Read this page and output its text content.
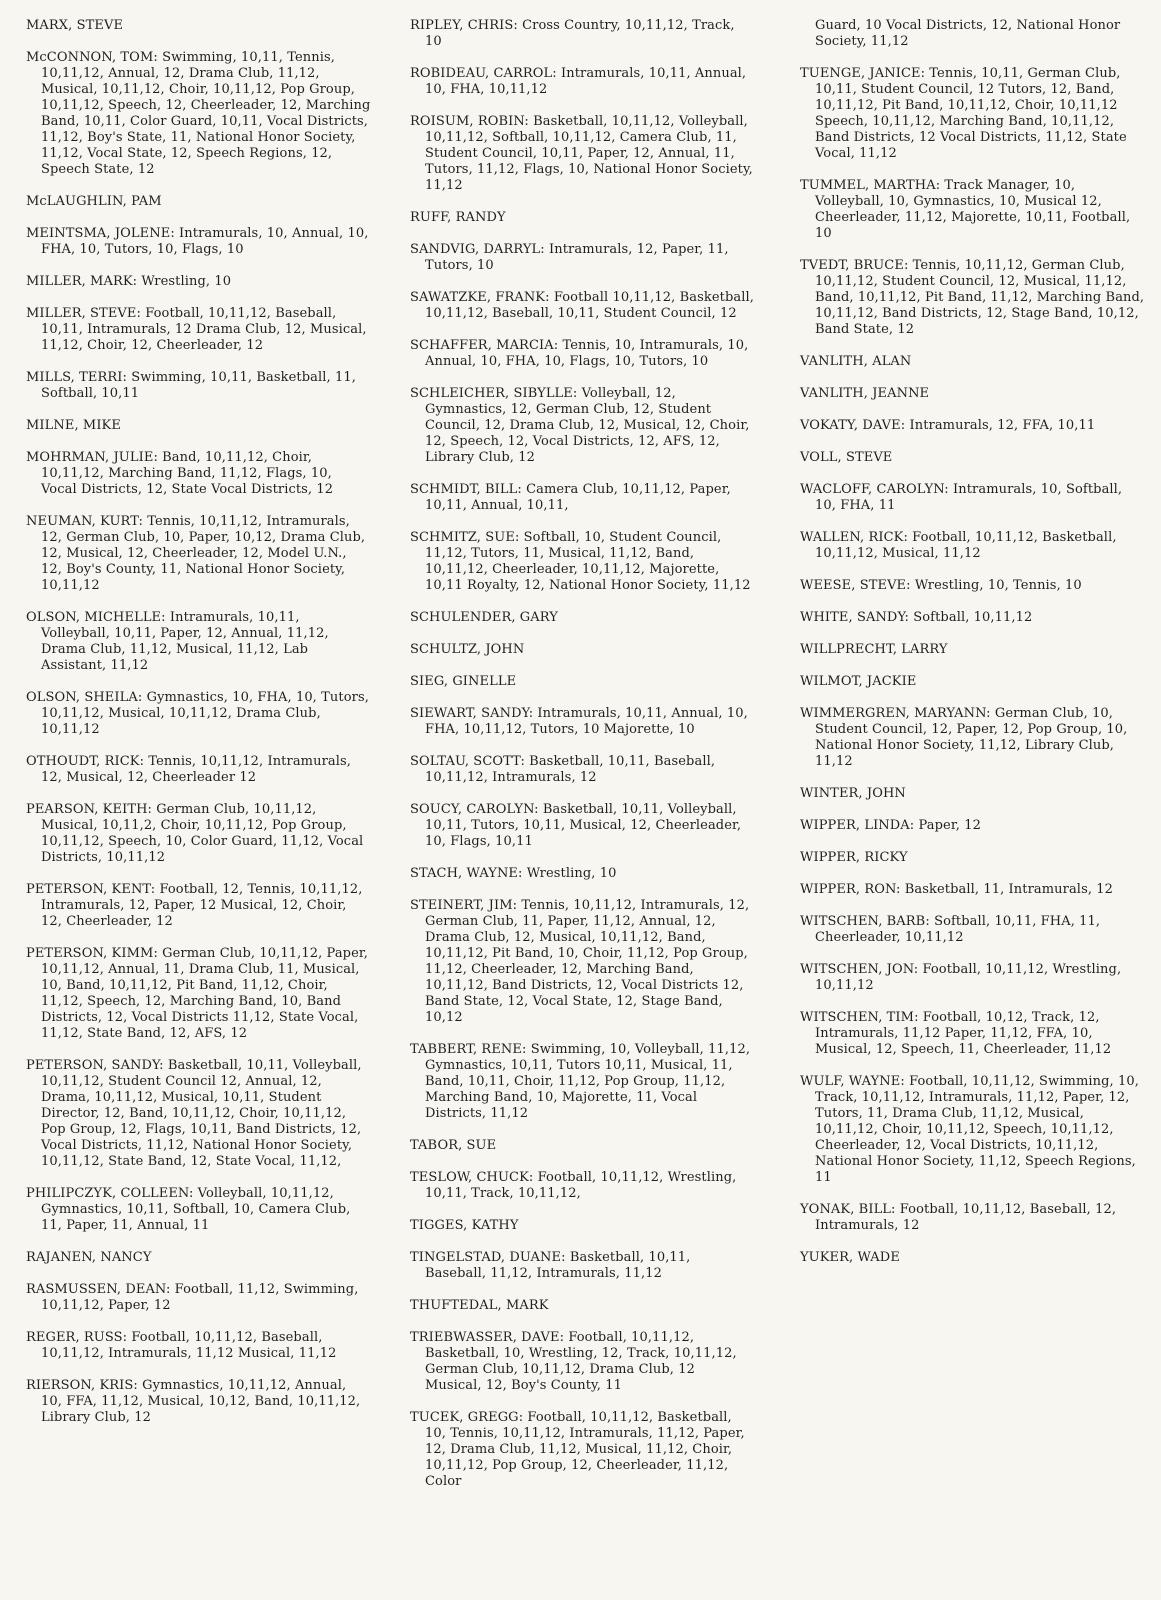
MARX, STEVE

McCONNON, TOM: Swimming, 10,11, Tennis, 10,11,12, Annual, 12, Drama Club, 11,12, Musical, 10,11,12, Choir, 10,11,12, Pop Group, 10,11,12, Speech, 12, Cheerleader, 12, Marching Band, 10,11, Color Guard, 10,11, Vocal Districts, 11,12, Boy's State, 11, National Honor Society, 11,12, Vocal State, 12, Speech Regions, 12, Speech State, 12

McLAUGHLIN, PAM

MEINTSMA, JOLENE: Intramurals, 10, Annual, 10, FHA, 10, Tutors, 10, Flags, 10

MILLER, MARK: Wrestling, 10

MILLER, STEVE: Football, 10,11,12, Baseball, 10,11, Intramurals, 12 Drama Club, 12, Musical, 11,12, Choir, 12, Cheerleader, 12

MILLS, TERRI: Swimming, 10,11, Basketball, 11, Softball, 10,11

MILNE, MIKE

MOHRMAN, JULIE: Band, 10,11,12, Choir, 10,11,12, Marching Band, 11,12, Flags, 10, Vocal Districts, 12, State Vocal Districts, 12

NEUMAN, KURT: Tennis, 10,11,12, Intramurals, 12, German Club, 10, Paper, 10,12, Drama Club, 12, Musical, 12, Cheerleader, 12, Model U.N., 12, Boy's County, 11, National Honor Society, 10,11,12

OLSON, MICHELLE: Intramurals, 10,11, Volleyball, 10,11, Paper, 12, Annual, 11,12, Drama Club, 11,12, Musical, 11,12, Lab Assistant, 11,12

OLSON, SHEILA: Gymnastics, 10, FHA, 10, Tutors, 10,11,12, Musical, 10,11,12, Drama Club, 10,11,12

OTHOUDT, RICK: Tennis, 10,11,12, Intramurals, 12, Musical, 12, Cheerleader 12

PEARSON, KEITH: German Club, 10,11,12, Musical, 10,11,2, Choir, 10,11,12, Pop Group, 10,11,12, Speech, 10, Color Guard, 11,12, Vocal Districts, 10,11,12

PETERSON, KENT: Football, 12, Tennis, 10,11,12, Intramurals, 12, Paper, 12 Musical, 12, Choir, 12, Cheerleader, 12

PETERSON, KIMM: German Club, 10,11,12, Paper, 10,11,12, Annual, 11, Drama Club, 11, Musical, 10, Band, 10,11,12, Pit Band, 11,12, Choir, 11,12, Speech, 12, Marching Band, 10, Band Districts, 12, Vocal Districts 11,12, State Vocal, 11,12, State Band, 12, AFS, 12

PETERSON, SANDY: Basketball, 10,11, Volleyball, 10,11,12, Student Council 12, Annual, 12, Drama, 10,11,12, Musical, 10,11, Student Director, 12, Band, 10,11,12, Choir, 10,11,12, Pop Group, 12, Flags, 10,11, Band Districts, 12, Vocal Districts, 11,12, National Honor Society, 10,11,12, State Band, 12, State Vocal, 11,12,

PHILIPCZYK, COLLEEN: Volleyball, 10,11,12, Gymnastics, 10,11, Softball, 10, Camera Club, 11, Paper, 11, Annual, 11

RAJANEN, NANCY

RASMUSSEN, DEAN: Football, 11,12, Swimming, 10,11,12, Paper, 12

REGER, RUSS: Football, 10,11,12, Baseball, 10,11,12, Intramurals, 11,12 Musical, 11,12

RIERSON, KRIS: Gymnastics, 10,11,12, Annual, 10, FFA, 11,12, Musical, 10,12, Band, 10,11,12, Library Club, 12

RIPLEY, CHRIS: Cross Country, 10,11,12, Track, 10

ROBIDEAU, CARROL: Intramurals, 10,11, Annual, 10, FHA, 10,11,12

ROISUM, ROBIN: Basketball, 10,11,12, Volleyball, 10,11,12, Softball, 10,11,12, Camera Club, 11, Student Council, 10,11, Paper, 12, Annual, 11, Tutors, 11,12, Flags, 10, National Honor Society, 11,12

RUFF, RANDY

SANDVIG, DARRYL: Intramurals, 12, Paper, 11, Tutors, 10

SAWATZKE, FRANK: Football 10,11,12, Basketball, 10,11,12, Baseball, 10,11, Student Council, 12

SCHAFFER, MARCIA: Tennis, 10, Intramurals, 10, Annual, 10, FHA, 10, Flags, 10, Tutors, 10

SCHLEICHER, SIBYLLE: Volleyball, 12, Gymnastics, 12, German Club, 12, Student Council, 12, Drama Club, 12, Musical, 12, Choir, 12, Speech, 12, Vocal Districts, 12, AFS, 12, Library Club, 12

SCHMIDT, BILL: Camera Club, 10,11,12, Paper, 10,11, Annual, 10,11,

SCHMITZ, SUE: Softball, 10, Student Council, 11,12, Tutors, 11, Musical, 11,12, Band, 10,11,12, Cheerleader, 10,11,12, Majorette, 10,11 Royalty, 12, National Honor Society, 11,12

SCHULENDER, GARY

SCHULTZ, JOHN

SIEG, GINELLE

SIEWART, SANDY: Intramurals, 10,11, Annual, 10, FHA, 10,11,12, Tutors, 10 Majorette, 10

SOLTAU, SCOTT: Basketball, 10,11, Baseball, 10,11,12, Intramurals, 12

SOUCY, CAROLYN: Basketball, 10,11, Volleyball, 10,11, Tutors, 10,11, Musical, 12, Cheerleader, 10, Flags, 10,11

STACH, WAYNE: Wrestling, 10

STEINERT, JIM: Tennis, 10,11,12, Intramurals, 12, German Club, 11, Paper, 11,12, Annual, 12, Drama Club, 12, Musical, 10,11,12, Band, 10,11,12, Pit Band, 10, Choir, 11,12, Pop Group, 11,12, Cheerleader, 12, Marching Band, 10,11,12, Band Districts, 12, Vocal Districts 12, Band State, 12, Vocal State, 12, Stage Band, 10,12

TABBERT, RENE: Swimming, 10, Volleyball, 11,12, Gymnastics, 10,11, Tutors 10,11, Musical, 11, Band, 10,11, Choir, 11,12, Pop Group, 11,12, Marching Band, 10, Majorette, 11, Vocal Districts, 11,12

TABOR, SUE

TESLOW, CHUCK: Football, 10,11,12, Wrestling, 10,11, Track, 10,11,12,

TIGGES, KATHY

TINGELSTAD, DUANE: Basketball, 10,11, Baseball, 11,12, Intramurals, 11,12

THUFTEDAL, MARK

TRIEBWASSER, DAVE: Football, 10,11,12, Basketball, 10, Wrestling, 12, Track, 10,11,12, German Club, 10,11,12, Drama Club, 12 Musical, 12, Boy's County, 11

TUCEK, GREGG: Football, 10,11,12, Basketball, 10, Tennis, 10,11,12, Intramurals, 11,12, Paper, 12, Drama Club, 11,12, Musical, 11,12, Choir, 10,11,12, Pop Group, 12, Cheerleader, 11,12, Color

Guard, 10 Vocal Districts, 12, National Honor Society, 11,12

TUENGE, JANICE: Tennis, 10,11, German Club, 10,11, Student Council, 12 Tutors, 12, Band, 10,11,12, Pit Band, 10,11,12, Choir, 10,11,12 Speech, 10,11,12, Marching Band, 10,11,12, Band Districts, 12 Vocal Districts, 11,12, State Vocal, 11,12

TUMMEL, MARTHA: Track Manager, 10, Volleyball, 10, Gymnastics, 10, Musical 12, Cheerleader, 11,12, Majorette, 10,11, Football, 10

TVEDT, BRUCE: Tennis, 10,11,12, German Club, 10,11,12, Student Council, 12, Musical, 11,12, Band, 10,11,12, Pit Band, 11,12, Marching Band, 10,11,12, Band Districts, 12, Stage Band, 10,12, Band State, 12

VANLITH, ALAN

VANLITH, JEANNE

VOKATY, DAVE: Intramurals, 12, FFA, 10,11

VOLL, STEVE

WACLOFF, CAROLYN: Intramurals, 10, Softball, 10, FHA, 11

WALLEN, RICK: Football, 10,11,12, Basketball, 10,11,12, Musical, 11,12

WEESE, STEVE: Wrestling, 10, Tennis, 10

WHITE, SANDY: Softball, 10,11,12

WILLPRECHT, LARRY

WILMOT, JACKIE

WIMMERGREN, MARYANN: German Club, 10, Student Council, 12, Paper, 12, Pop Group, 10, National Honor Society, 11,12, Library Club, 11,12

WINTER, JOHN

WIPPER, LINDA: Paper, 12

WIPPER, RICKY

WIPPER, RON: Basketball, 11, Intramurals, 12

WITSCHEN, BARB: Softball, 10,11, FHA, 11, Cheerleader, 10,11,12

WITSCHEN, JON: Football, 10,11,12, Wrestling, 10,11,12

WITSCHEN, TIM: Football, 10,12, Track, 12, Intramurals, 11,12 Paper, 11,12, FFA, 10, Musical, 12, Speech, 11, Cheerleader, 11,12

WULF, WAYNE: Football, 10,11,12, Swimming, 10, Track, 10,11,12, Intramurals, 11,12, Paper, 12, Tutors, 11, Drama Club, 11,12, Musical, 10,11,12, Choir, 10,11,12, Speech, 10,11,12, Cheerleader, 12, Vocal Districts, 10,11,12, National Honor Society, 11,12, Speech Regions, 11

YONAK, BILL: Football, 10,11,12, Baseball, 12, Intramurals, 12

YUKER, WADE
